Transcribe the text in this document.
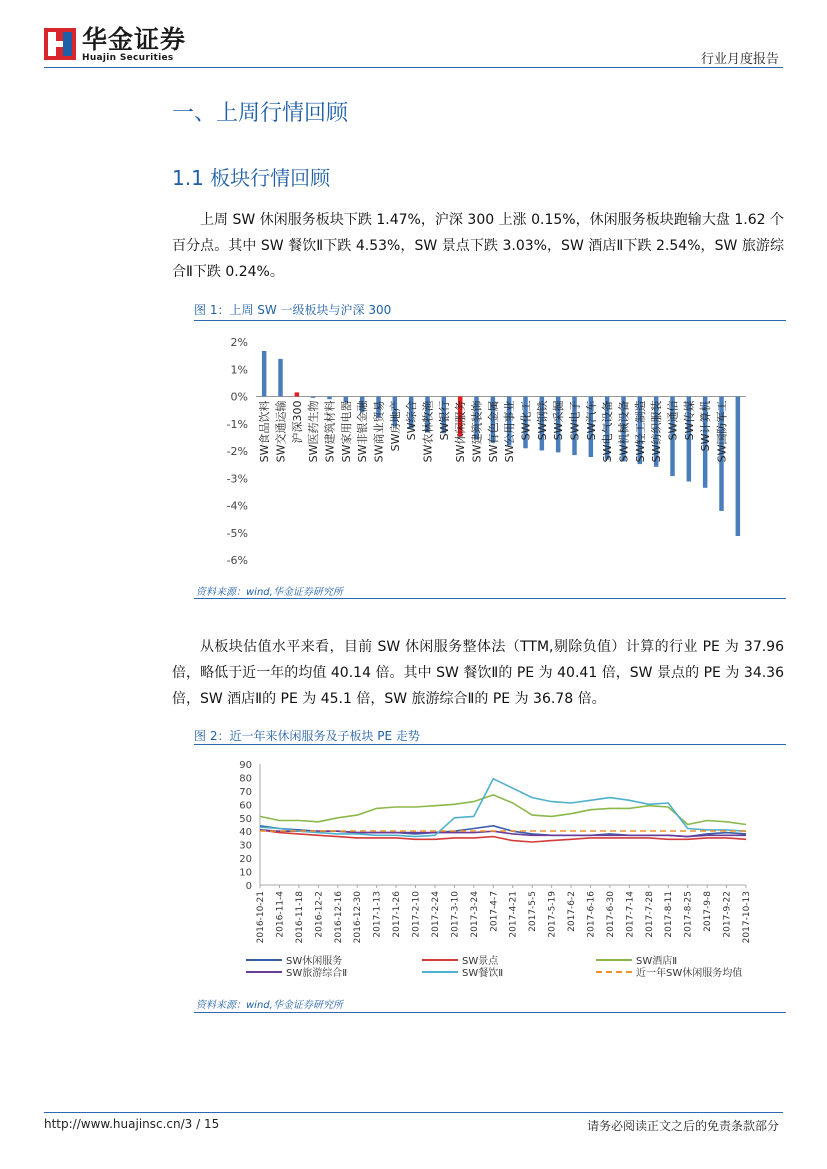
华金证券
Huajin Securities	行业月度报告
一、上周行情回顾
1.1 板块行情回顾
上周 SW 休闲服务板块下跌 1.47%，沪深 300 上涨 0.15%，休闲服务板块跑输大盘 1.62 个百分点。其中 SW 餐饮Ⅱ下跌 4.53%，SW 景点下跌 3.03%，SW 酒店Ⅱ下跌 2.54%，SW 旅游综合Ⅱ下跌 0.24%。
图 1：上周 SW 一级板块与沪深 300
2%
1%
0%
-1%
-2%
-3%
-4%
-5%
-6%
SW食品饮料 SW交通运输 沪深300 SW医药生物 SW建筑材料 SW家用电器 SW非银金融 SW商业贸易 SW房地产 SW综合 SW农林牧渔 SW银行 SW休闲服务 SW建筑装饰 SW有色金属 SW公用事业 SW化工 SW钢铁 SW采掘 SW电子 SW汽车 SW电气设备 SW机械设备 SW轻工制造 SW纺织服装 SW通信 SW传媒 SW计算机 SW国防军工
资料来源：wind,华金证券研究所
从板块估值水平来看，目前 SW 休闲服务整体法（TTM,剔除负值）计算的行业 PE 为 37.96 倍，略低于近一年的均值 40.14 倍。其中 SW 餐饮Ⅱ的 PE 为 40.41 倍，SW 景点的 PE 为 34.36 倍，SW 酒店Ⅱ的 PE 为 45.1 倍，SW 旅游综合Ⅱ的 PE 为 36.78 倍。
图 2：近一年来休闲服务及子板块 PE 走势
0
10
20
30
40
50
60
70
80
90
2016-10-21 2016-11-4 2016-11-18 2016-12-2 2016-12-16 2016-12-30 2017-1-13 2017-1-26 2017-2-10 2017-2-24 2017-3-10 2017-3-24 2017-4-7 2017-4-21 2017-5-5 2017-5-19 2017-6-2 2017-6-16 2017-6-30 2017-7-14 2017-7-28 2017-8-11 2017-8-25 2017-9-8 2017-9-22 2017-10-13
SW休闲服务	SW景点	SW酒店Ⅱ
SW旅游综合Ⅱ	SW餐饮Ⅱ	近一年SW休闲服务均值
资料来源：wind,华金证券研究所
http://www.huajinsc.cn/3 / 15	请务必阅读正文之后的免责条款部分
